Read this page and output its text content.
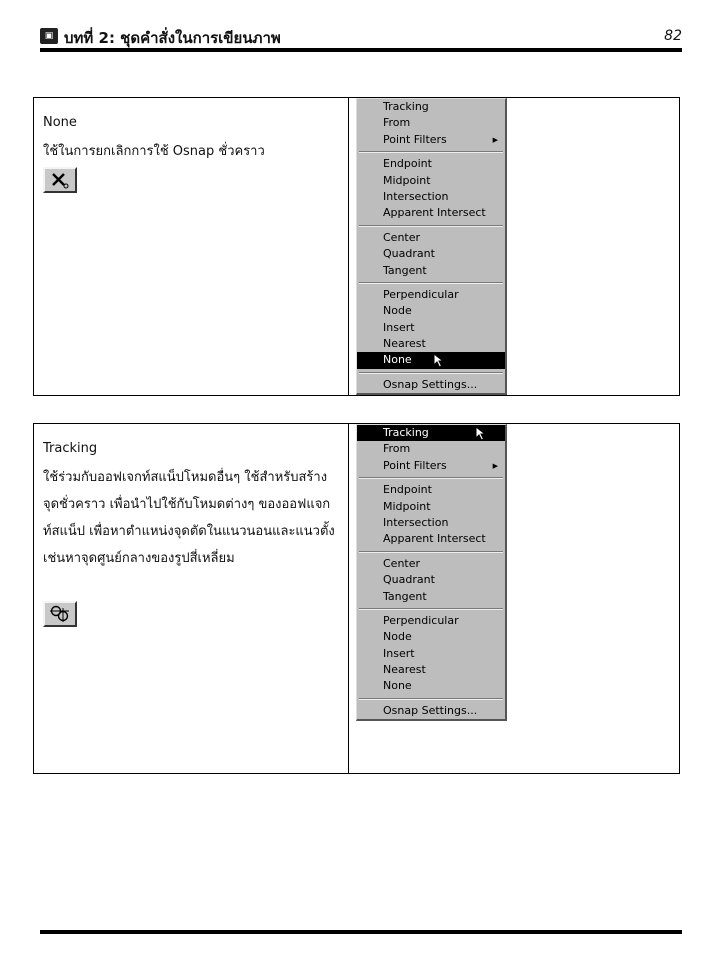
▣ บทที่ 2: ชุดคำสั่งในการเขียนภาพ	82
None
ใช้ในการยกเลิกการใช้ Osnap ชั่วคราว
Tracking
From
Point Filters	▶
Endpoint
Midpoint
Intersection
Apparent Intersect
Center
Quadrant
Tangent
Perpendicular
Node
Insert
Nearest
None
Osnap Settings...
Tracking
ใช้ร่วมกับออฟเจกท์สแน็ปโหมดอื่นๆ ใช้สำหรับสร้างจุดชั่วคราว เพื่อนำไปใช้กับโหมดต่างๆ ของออฟแจกท์สแน็ป เพื่อหาตำแหน่งจุดตัดในแนวนอนและแนวตั้ง เช่นหาจุดศูนย์กลางของรูปสี่เหลี่ยม
Tracking
From
Point Filters	▶
Endpoint
Midpoint
Intersection
Apparent Intersect
Center
Quadrant
Tangent
Perpendicular
Node
Insert
Nearest
None
Osnap Settings...
